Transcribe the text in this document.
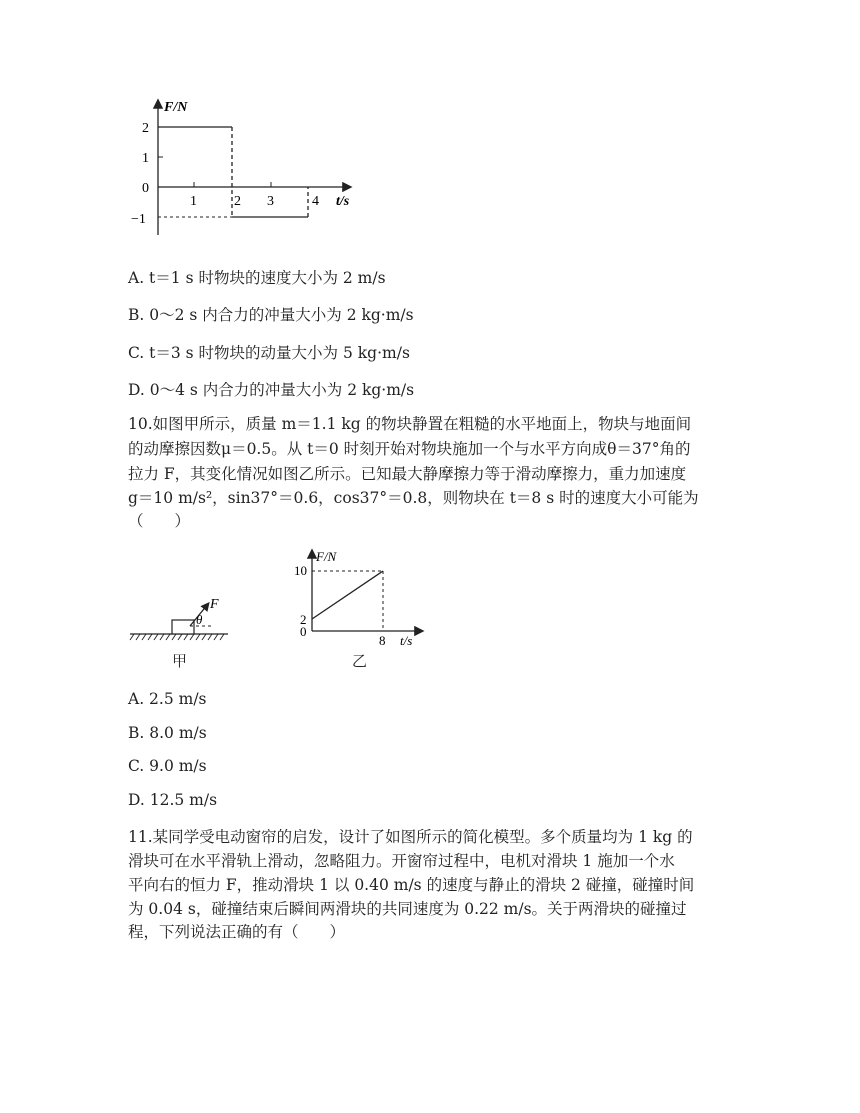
F/N
t/s
2
1
0
−1
1	2 3	4
A. t＝1 s 时物块的速度大小为 2 m/s
B. 0～2 s 内合力的冲量大小为 2 kg·m/s
C. t＝3 s 时物块的动量大小为 5 kg·m/s
D. 0～4 s 内合力的冲量大小为 2 kg·m/s
10.如图甲所示，质量 m＝1.1 kg 的物块静置在粗糙的水平地面上，物块与地面间
的动摩擦因数μ＝0.5。从 t＝0 时刻开始对物块施加一个与水平方向成θ＝37°角的
拉力 F，其变化情况如图乙所示。已知最大静摩擦力等于滑动摩擦力，重力加速度
g＝10 m/s²，sin37°＝0.6，cos37°＝0.8，则物块在 t＝8 s 时的速度大小可能为
（　　）
F
θ
甲
F/N
t/s
10
2
0
8
乙
A. 2.5 m/s
B. 8.0 m/s
C. 9.0 m/s
D. 12.5 m/s
11.某同学受电动窗帘的启发，设计了如图所示的简化模型。多个质量均为 1 kg 的
滑块可在水平滑轨上滑动，忽略阻力。开窗帘过程中，电机对滑块 1 施加一个水
平向右的恒力 F，推动滑块 1 以 0.40 m/s 的速度与静止的滑块 2 碰撞，碰撞时间
为 0.04 s，碰撞结束后瞬间两滑块的共同速度为 0.22 m/s。关于两滑块的碰撞过
程，下列说法正确的有（　　）
